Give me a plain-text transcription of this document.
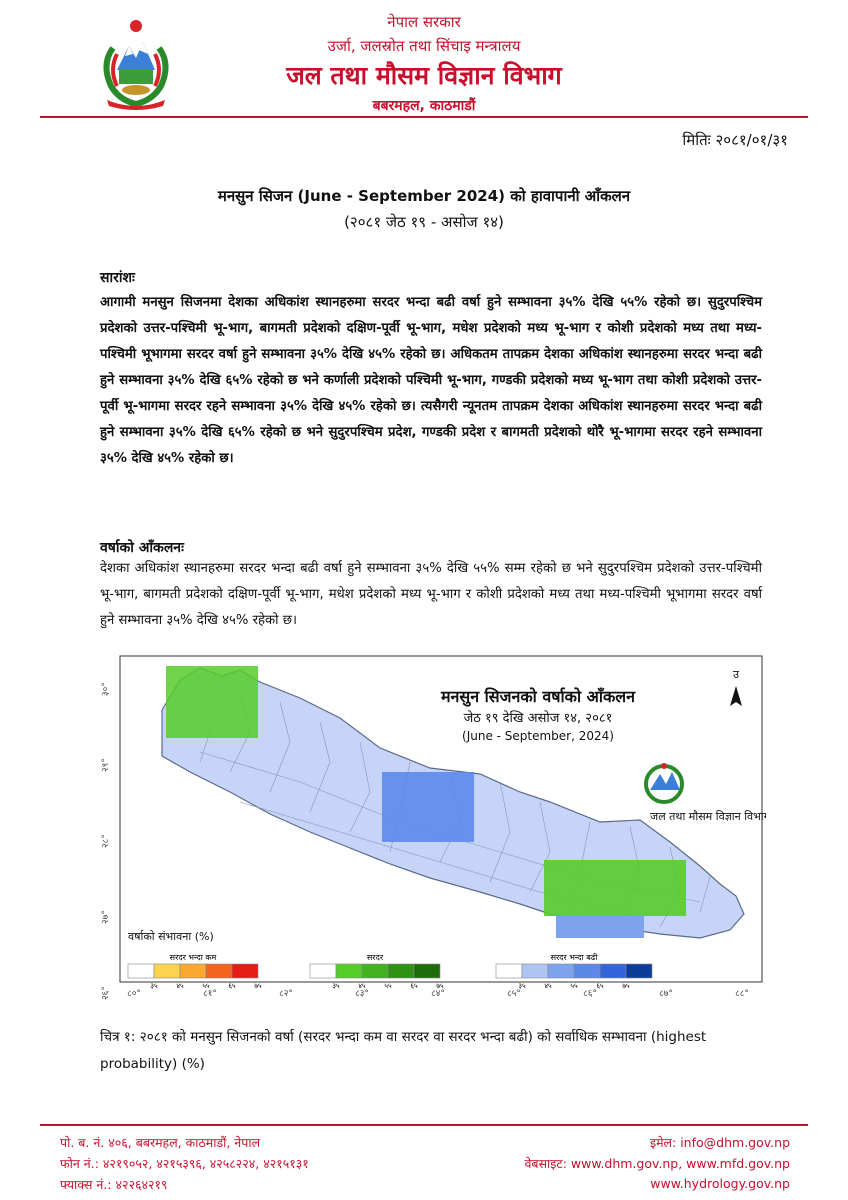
नेपाल सरकार
उर्जा, जलस्रोत तथा सिंचाइ मन्त्रालय
जल तथा मौसम विज्ञान विभाग
बबरमहल, काठमाडौं
मितिः २०८१/०१/३१
मनसुन सिजन (June - September 2024) को हावापानी आँकलन
(२०८१ जेठ १९ - असोज १४)
सारांशः
आगामी मनसुन सिजनमा देशका अधिकांश स्थानहरुमा सरदर भन्दा बढी वर्षा हुने सम्भावना ३५% देखि ५५% रहेको छ। सुदुरपश्चिम प्रदेशको उत्तर-पश्चिमी भू-भाग, बागमती प्रदेशको दक्षिण-पूर्वी भू-भाग, मधेश प्रदेशको मध्य भू-भाग र कोशी प्रदेशको मध्य तथा मध्य-पश्चिमी भूभागमा सरदर वर्षा हुने सम्भावना ३५% देखि ४५% रहेको छ। अधिकतम तापक्रम देशका अधिकांश स्थानहरुमा सरदर भन्दा बढी हुने सम्भावना ३५% देखि ६५% रहेको छ भने कर्णाली प्रदेशको पश्चिमी भू-भाग, गण्डकी प्रदेशको मध्य भू-भाग तथा कोशी प्रदेशको उत्तर-पूर्वी भू-भागमा सरदर रहने सम्भावना ३५% देखि ४५% रहेको छ। त्यसैगरी न्यूनतम तापक्रम देशका अधिकांश स्थानहरुमा सरदर भन्दा बढी हुने सम्भावना ३५% देखि ६५% रहेको छ भने सुदुरपश्चिम प्रदेश, गण्डकी प्रदेश र बागमती प्रदेशको थोरै भू-भागमा सरदर रहने सम्भावना ३५% देखि ४५% रहेको छ।
वर्षाको आँकलनः
देशका अधिकांश स्थानहरुमा सरदर भन्दा बढी वर्षा हुने सम्भावना ३५% देखि ५५% सम्म रहेको छ भने सुदुरपश्चिम प्रदेशको उत्तर-पश्चिमी भू-भाग, बागमती प्रदेशको दक्षिण-पूर्वी भू-भाग, मधेश प्रदेशको मध्य भू-भाग र कोशी प्रदेशको मध्य तथा मध्य-पश्चिमी भूभागमा सरदर वर्षा हुने सम्भावना ३५% देखि ४५% रहेको छ।
मनसुन सिजनको वर्षाको आँकलन
जेठ १९ देखि असोज १४, २०८१
(June - September, 2024)
उ
जल तथा मौसम विज्ञान विभाग
३०°
२९°
२८°
२७°
२६° ८०°	८१°	८२°	८३°	८४°	८५°	८६°	८७°	८८°
वर्षाको संभावना (%)
सरदर भन्दा कम
३५	४५	५५	६५	७५
सरदर
३५	४५	५५	६५	७५
सरदर भन्दा बढी
३५	४५	५५	६५	७५
चित्र १: २०८१ को मनसुन सिजनको वर्षा (सरदर भन्दा कम वा सरदर वा सरदर भन्दा बढी) को सर्वाधिक सम्भावना (highest probability) (%)
पो. ब. नं. ४०६, बबरमहल, काठमाडौं, नेपाल
फोन नं.: ४२१९०५२, ४२१५३९६, ४२५८२२४, ४२१५१३१
फ्याक्स नं.: ४२२६४२१९
इमेल: info@dhm.gov.np
वेबसाइट: www.dhm.gov.np, www.mfd.gov.np
www.hydrology.gov.np
